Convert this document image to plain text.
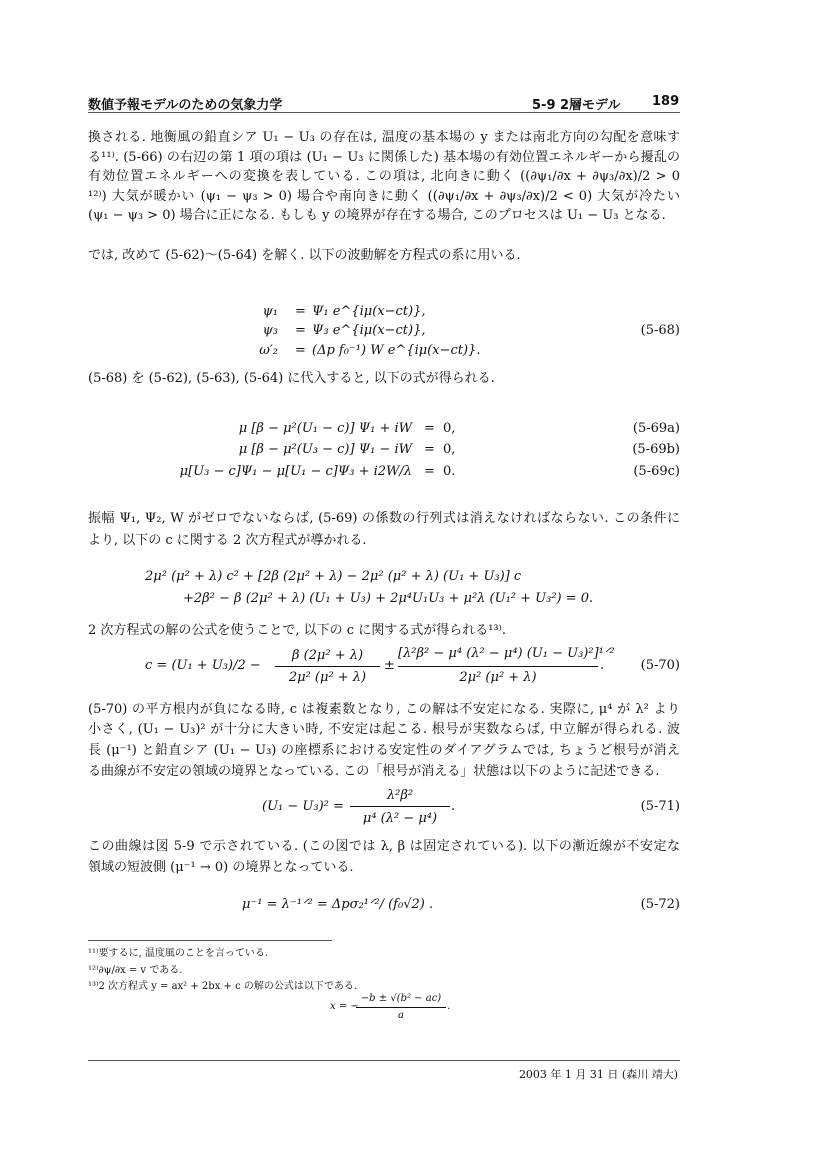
数値予報モデルのための気象力学	5-9 2層モデル 189
換される. 地衡風の鉛直シア U₁ − U₃ の存在は, 温度の基本場の y または南北方向の勾配を意味す
る¹¹⁾. (5-66) の右辺の第 1 項の項は (U₁ − U₃ に関係した) 基本場の有効位置エネルギーから擾乱の
有効位置エネルギーへの変換を表している. この項は, 北向きに動く ((∂ψ₁/∂x + ∂ψ₃/∂x)/2 > 0
¹²⁾) 大気が暖かい (ψ₁ − ψ₃ > 0) 場合や南向きに動く ((∂ψ₁/∂x + ∂ψ₃/∂x)/2 < 0) 大気が冷たい
(ψ₁ − ψ₃ > 0) 場合に正になる. もしも y の境界が存在する場合, このプロセスは U₁ − U₃ となる.
では, 改めて (5-62)〜(5-64) を解く. 以下の波動解を方程式の系に用いる.
(5-68) を (5-62), (5-63), (5-64) に代入すると, 以下の式が得られる.
振幅 Ψ₁, Ψ₂, W がゼロでないならば, (5-69) の係数の行列式は消えなければならない. この条件に
より, 以下の c に関する 2 次方程式が導かれる.
2 次方程式の解の公式を使うことで, 以下の c に関する式が得られる¹³⁾.
(5-70) の平方根内が負になる時, c は複素数となり, この解は不安定になる. 実際に, μ⁴ が λ² より
小さく, (U₁ − U₃)² が十分に大きい時, 不安定は起こる. 根号が実数ならば, 中立解が得られる. 波
長 (μ⁻¹) と鉛直シア (U₁ − U₃) の座標系における安定性のダイアグラムでは, ちょうど根号が消え
る曲線が不安定の領域の境界となっている. この「根号が消える」状態は以下のように記述できる.
この曲線は図 5-9 で示されている. (この図では λ, β は固定されている). 以下の漸近線が不安定な
領域の短波側 (μ⁻¹ → 0) の境界となっている.
ψ₁ = Ψ₁ e^{iμ(x−ct)},
ψ₃ = Ψ₃ e^{iμ(x−ct)},
ω′₂ = (Δp f₀⁻¹) W e^{iμ(x−ct)}.
(5-68)
μ [β − μ²(U₁ − c)] Ψ₁ + iW = 0,	(5-69a)
μ [β − μ²(U₃ − c)] Ψ₁ − iW = 0,	(5-69b)
μ[U₃ − c]Ψ₁ − μ[U₁ − c]Ψ₃ + i2W/λ = 0.	(5-69c)
2μ² (μ² + λ) c² + [2β (2μ² + λ) − 2μ² (μ² + λ) (U₁ + U₃)] c
+2β² − β (2μ² + λ) (U₁ + U₃) + 2μ⁴U₁U₃ + μ²λ (U₁² + U₃²) = 0.
c = (U₁ + U₃)/2 −
β (2μ² + λ)
2μ² (μ² + λ)
±
[λ²β² − μ⁴ (λ² − μ⁴) (U₁ − U₃)²]¹ᐟ²
2μ² (μ² + λ)
.	(5-70)
(U₁ − U₃)² =
λ²β²
μ⁴ (λ² − μ⁴)
.	(5-71)
μ⁻¹ = λ⁻¹ᐟ² = Δpσ₂¹ᐟ²/ (f₀√2) .	(5-72)
¹¹⁾要するに, 温度風のことを言っている.
¹²⁾∂ψ/∂x = v である.
¹³⁾2 次方程式 y = ax² + 2bx + c の解の公式は以下である.
x = −
−b ± √(b² − ac)
a
.
2003 年 1 月 31 日 (森川 靖大)
